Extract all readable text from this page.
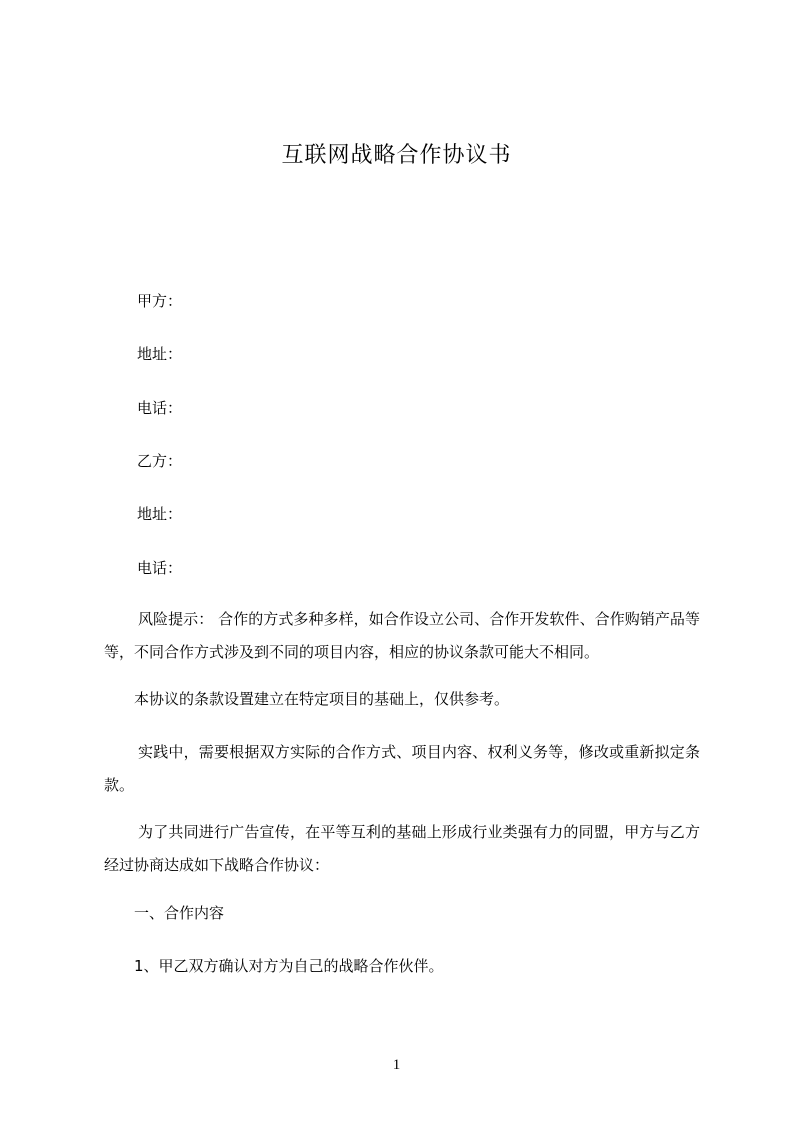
互联网战略合作协议书
甲方：
地址：
电话：
乙方：
地址：
电话：
风险提示： 合作的方式多种多样，如合作设立公司、合作开发软件、合作购销产品等等，不同合作方式涉及到不同的项目内容，相应的协议条款可能大不相同。
本协议的条款设置建立在特定项目的基础上，仅供参考。
实践中，需要根据双方实际的合作方式、项目内容、权利义务等，修改或重新拟定条款。
为了共同进行广告宣传，在平等互利的基础上形成行业类强有力的同盟，甲方与乙方经过协商达成如下战略合作协议：
一、合作内容
1、甲乙双方确认对方为自己的战略合作伙伴。
1
